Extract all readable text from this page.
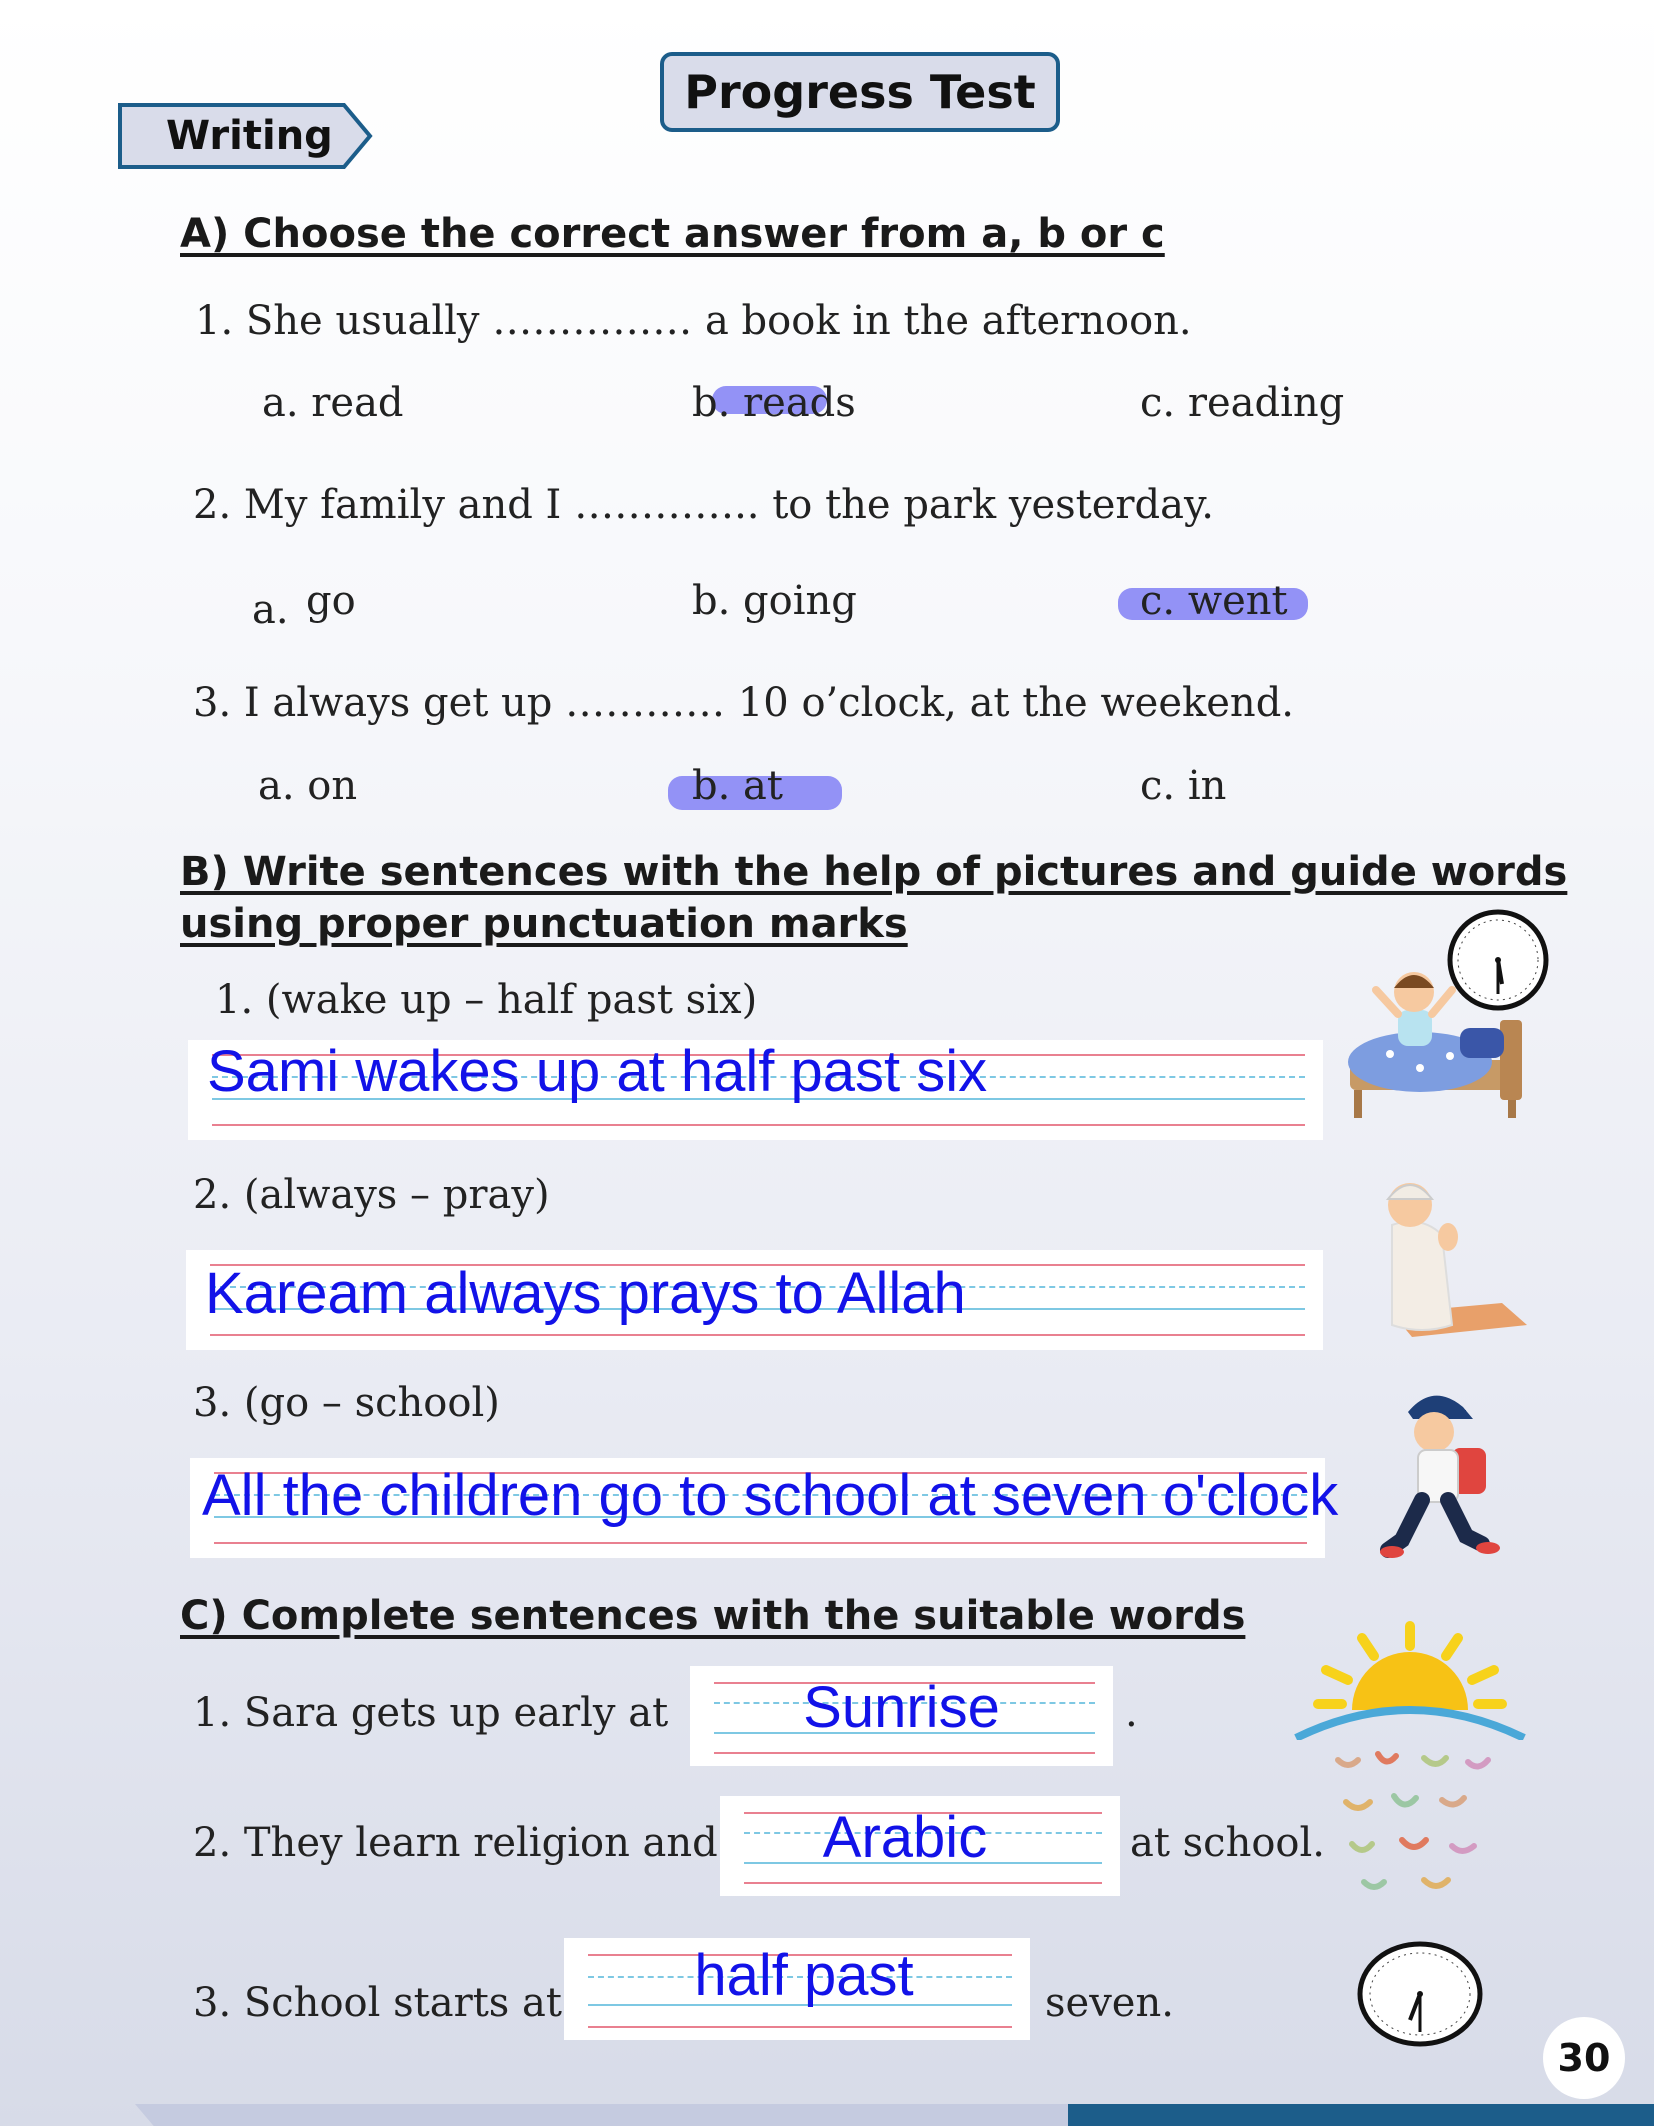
Progress Test
Writing
A) Choose the correct answer from a, b or c
1. She usually …………… a book in the afternoon.
a. read	b. reads	c. reading
2. My family and I ………….. to the park yesterday.
a. go	b. going	c. went
3. I always get up ………… 10 o’clock, at the weekend.
a. on	b. at	c. in
B) Write sentences with the help of pictures and guide words
using proper punctuation marks
1. (wake up – half past six)
Sami wakes up at half past six
2. (always – pray)
Kaream always prays to Allah
3. (go – school)
All the children go to school at seven o'clock
C) Complete sentences with the suitable words
1. Sara gets up early at	Sunrise	.
2. They learn religion and	Arabic	at school.
3. School starts at	half past	seven.
30
